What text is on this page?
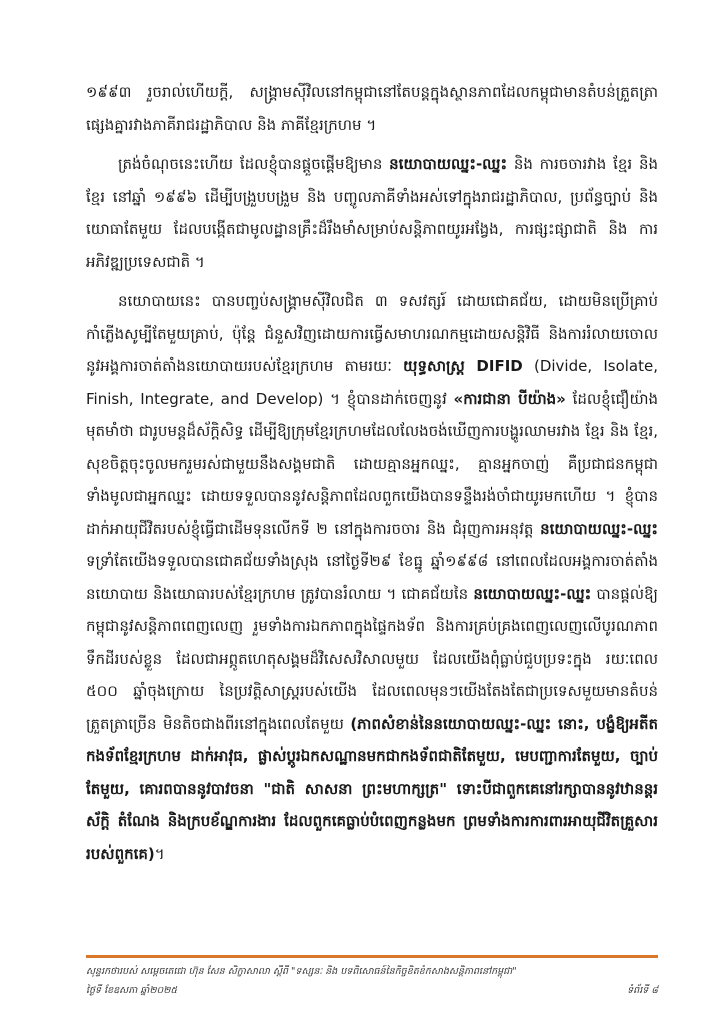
១៩៩៣ រួចរាល់ហើយក្តី, សង្គ្រាមស៊ីវិលនៅកម្ពុជានៅតែបន្តក្នុងស្ថានភាពដែលកម្ពុជាមានតំបន់ត្រួតត្រាផ្សេងគ្នារវាងភាគីរាជរដ្ឋាភិបាល និង ភាគីខ្មែរក្រហម ។

ត្រង់ចំណុចនេះហើយ ដែលខ្ញុំបានផ្តួចផ្តើមឱ្យមាន នយោបាយឈ្នះ-ឈ្នះ និង ការចចារវាង ខ្មែរ និង ខ្មែរ នៅឆ្នាំ ១៩៩៦ ដើម្បីបង្រួបបង្រួម និង បញ្ចូលភាគីទាំងអស់ទៅក្នុងរាជរដ្ឋាភិបាល, ប្រព័ន្ធច្បាប់ និង យោធាតែមួយ ដែលបង្កើតជាមូលដ្ឋានគ្រឹះដ៏រឹងមាំសម្រាប់សន្តិភាពយូរអង្វែង, ការផ្សះផ្សាជាតិ និង ការអភិវឌ្ឍប្រទេសជាតិ ។

នយោបាយនេះ បានបញ្ចប់សង្គ្រាមស៊ីវិលជិត ៣ ទសវត្សរ៍ ដោយជោគជ័យ, ដោយមិនប្រើគ្រាប់កាំភ្លើងសូម្បីតែមួយគ្រាប់, ប៉ុន្តែ ជំនួសវិញដោយការធ្វើសមាហរណកម្មដោយសន្តិវិធី និងការរំលាយចោលនូវអង្គការចាត់តាំងនយោបាយរបស់ខ្មែរក្រហម តាមរយៈ យុទ្ធសាស្ត្រ DIFID (Divide, Isolate, Finish, Integrate, and Develop) ។ ខ្ញុំបានដាក់ចេញនូវ «ការជានា បីយ៉ាង» ដែលខ្ញុំជឿយ៉ាងមុតមាំថា ជារូបមន្តដ៏ស័ក្តិសិទ្ធ ដើម្បីឱ្យក្រុមខ្មែរក្រហមដែលលែងចង់ឃើញការបង្ហូរឈាមរវាង ខ្មែរ និង ខ្មែរ, សុខចិត្តចុះចូលមករួមរស់ជាមួយនឹងសង្គមជាតិ ដោយគ្មានអ្នកឈ្នះ, គ្មានអ្នកចាញ់ គឺប្រជាជនកម្ពុជាទាំងមូលជាអ្នកឈ្នះ ដោយទទួលបាននូវសន្តិភាពដែលពួកយើងបានទន្ទឹងរង់ចាំជាយូរមកហើយ ។ ខ្ញុំបានដាក់អាយុជីវិតរបស់ខ្ញុំធ្វើជាដើមទុនលើកទី ២ នៅក្នុងការចចារ និង ជំរុញការអនុវត្ត នយោបាយឈ្នះ-ឈ្នះ ទទ្រាំតែយើងទទួលបានជោគជ័យទាំងស្រុង នៅថ្ងៃទី២៩ ខែធ្នូ ឆ្នាំ១៩៩៨ នៅពេលដែលអង្គការចាត់តាំងនយោបាយ និងយោធារបស់ខ្មែរក្រហម ត្រូវបានរំលាយ ។ ជោគជ័យនៃ នយោបាយឈ្នះ-ឈ្នះ បានផ្តល់ឱ្យកម្ពុជានូវសន្តិភាពពេញលេញ រួមទាំងការឯកភាពក្នុងផ្ទៃកងទ័ព និងការគ្រប់គ្រងពេញលេញលើបូរណភាពទឹកដីរបស់ខ្លួន ដែលជាអព្ភូតហេតុសង្គមដ៏វិសេសវិសាលមួយ ដែលយើងពុំធ្លាប់ជួបប្រទះក្នុង រយៈពេល ៥០០ ឆ្នាំចុងក្រោយ នៃប្រវត្តិសាស្ត្ររបស់យើង ដែលពេលមុនៗយើងតែងតែជាប្រទេសមួយមានតំបន់ត្រួតត្រាច្រើន មិនតិចជាងពីរនៅក្នុងពេលតែមួយ (ភាពសំខាន់នៃនយោបាយឈ្នះ-ឈ្នះ នោះ, បង្ខំឱ្យអតីតកងទ័ពខ្មែរក្រហម ដាក់អាវុធ, ផ្លាស់ប្តូរឯកសណ្ឋានមកជាកងទ័ពជាតិតែមួយ, មេបញ្ជាការតែមួយ, ច្បាប់តែមួយ, គោរពបាននូវបាវចនា "ជាតិ សាសនា ព្រះមហាក្សត្រ" ទោះបីជាពួកគេនៅរក្សាបាននូវឋានន្តរស័ក្តិ តំណែង និងក្របខ័ណ្ឌការងារ ដែលពួកគេធ្លាប់បំពេញកន្លងមក ព្រមទាំងការការពារអាយុជីវិតគ្រួសាររបស់ពួកគេ)។

សុន្ទរកថារបស់ សម្តេចតេជោ ហ៊ុន សែន សិក្ខាសាលា ស្តីពី "ទស្សនៈ និង បទពិសោធន៍នៃកិច្ចខិតខំកសាងសន្តិភាពនៅកម្ពុជា"
ថ្ងៃទី ខែឧសភា ឆ្នាំ២០២៥	ទំព័រទី ៨
